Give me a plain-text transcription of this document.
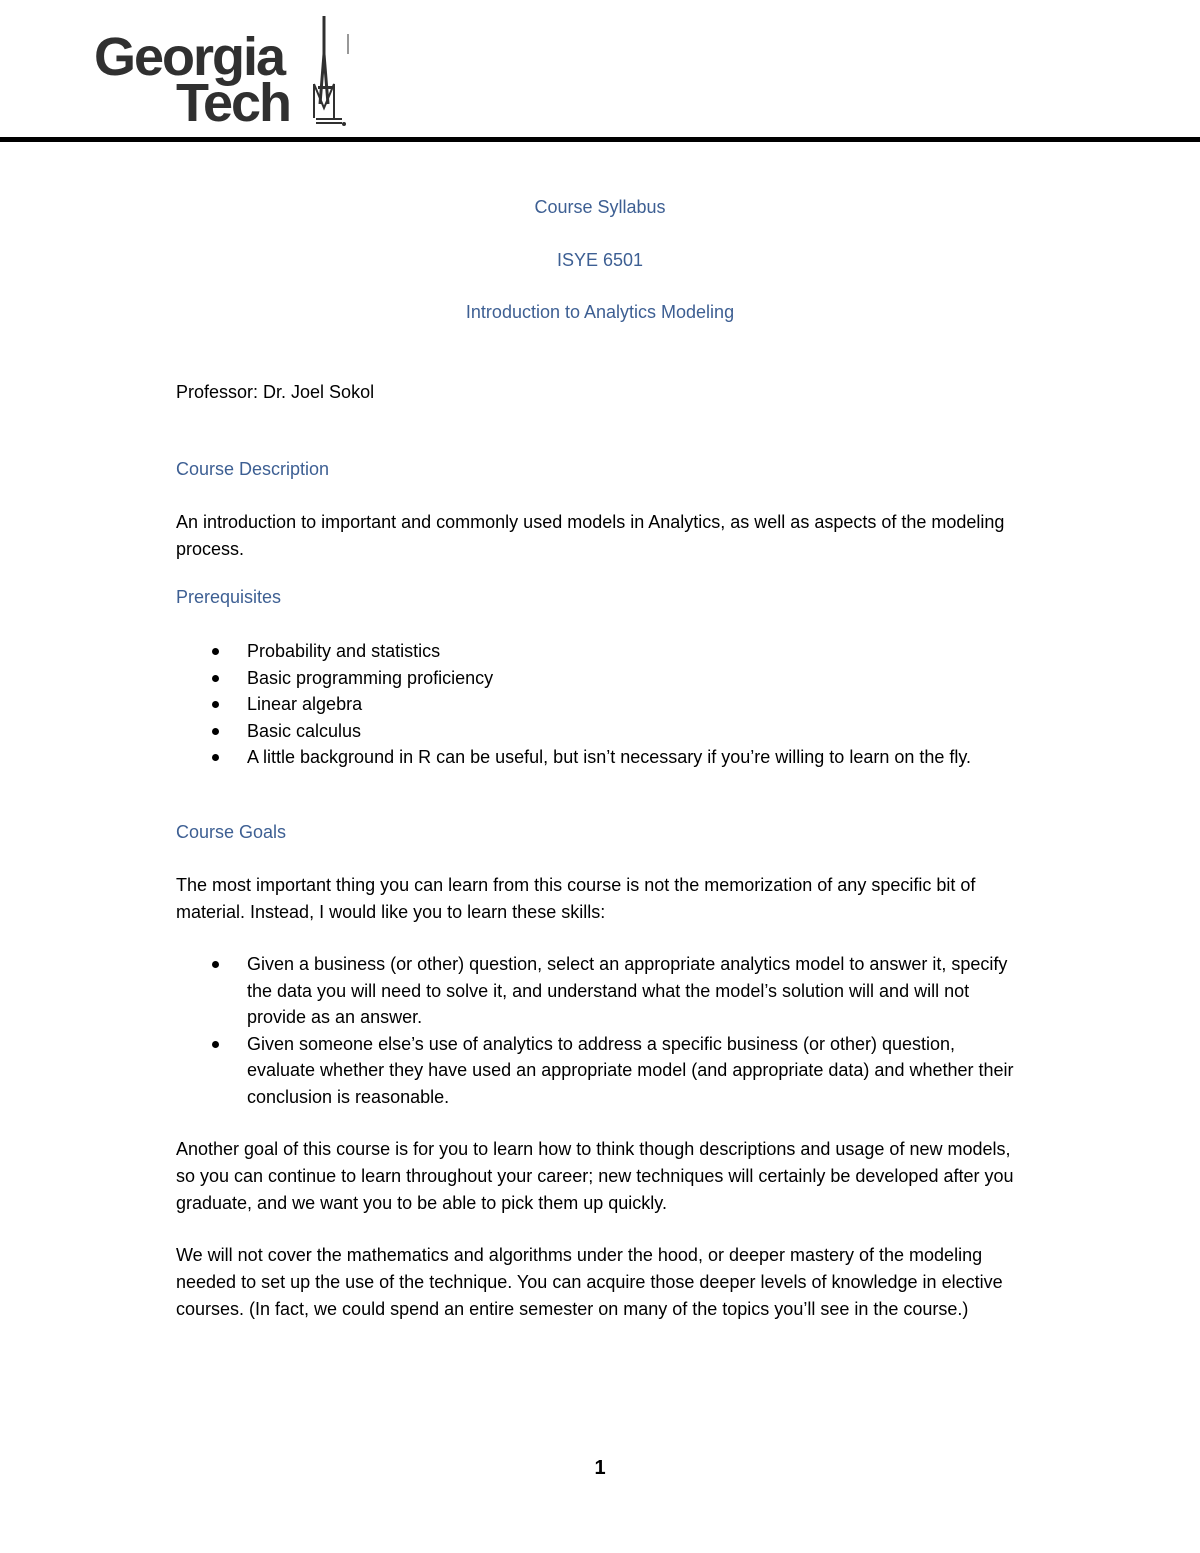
Georgia
Tech
Course Syllabus
ISYE 6501
Introduction to Analytics Modeling
Professor: Dr. Joel Sokol
Course Description
An introduction to important and commonly used models in Analytics, as well as aspects of the modeling process.
Prerequisites
Probability and statistics
Basic programming proficiency
Linear algebra
Basic calculus
A little background in R can be useful, but isn’t necessary if you’re willing to learn on the fly.
Course Goals
The most important thing you can learn from this course is not the memorization of any specific bit of material. Instead, I would like you to learn these skills:
Given a business (or other) question, select an appropriate analytics model to answer it, specify the data you will need to solve it, and understand what the model’s solution will and will not provide as an answer.
Given someone else’s use of analytics to address a specific business (or other) question, evaluate whether they have used an appropriate model (and appropriate data) and whether their conclusion is reasonable.
Another goal of this course is for you to learn how to think though descriptions and usage of new models, so you can continue to learn throughout your career; new techniques will certainly be developed after you graduate, and we want you to be able to pick them up quickly.
We will not cover the mathematics and algorithms under the hood, or deeper mastery of the modeling needed to set up the use of the technique. You can acquire those deeper levels of knowledge in elective courses. (In fact, we could spend an entire semester on many of the topics you’ll see in the course.)
1
